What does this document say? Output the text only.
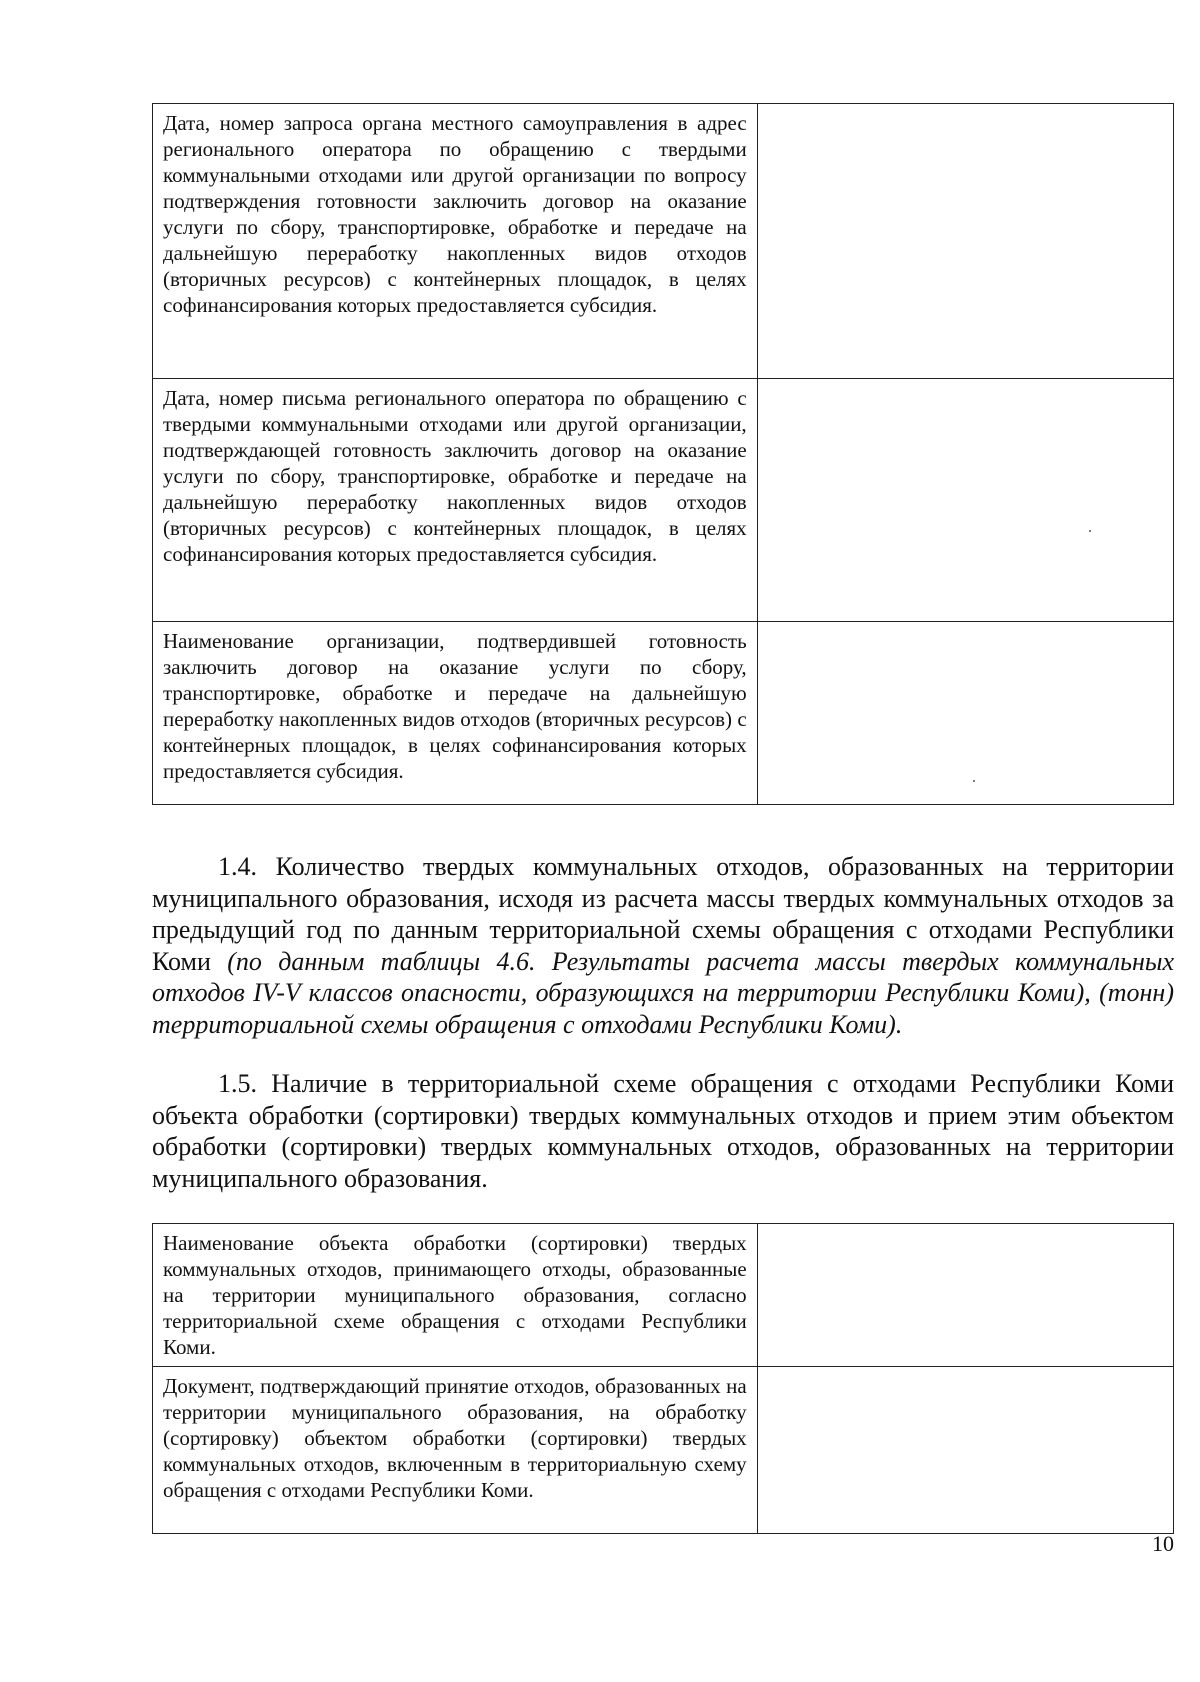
Дата, номер запроса органа местного самоуправления в адрес регионального оператора по обращению с твердыми коммунальными отходами или другой организации по вопросу подтверждения готовности заключить договор на оказание услуги по сбору, транспортировке, обработке и передаче на дальнейшую переработку накопленных видов отходов (вторичных ресурсов) с контейнерных площадок, в целях софинансирования которых предоставляется субсидия.	
Дата, номер письма регионального оператора по обращению с твердыми коммунальными отходами или другой организации, подтверждающей готовность заключить договор на оказание услуги по сбору, транспортировке, обработке и передаче на дальнейшую переработку накопленных видов отходов (вторичных ресурсов) с контейнерных площадок, в целях софинансирования которых предоставляется субсидия.	
Наименование организации, подтвердившей готовность заключить договор на оказание услуги по сбору, транспортировке, обработке и передаче на дальнейшую переработку накопленных видов отходов (вторичных ресурсов) с контейнерных площадок, в целях софинансирования которых предоставляется субсидия.	
1.4. Количество твердых коммунальных отходов, образованных на территории муниципального образования, исходя из расчета массы твердых коммунальных отходов за предыдущий год по данным территориальной схемы обращения с отходами Республики Коми (по данным таблицы 4.6. Результаты расчета массы твердых коммунальных отходов IV-V классов опасности, образующихся на территории Республики Коми), (тонн) территориальной схемы обращения с отходами Республики Коми).
1.5. Наличие в территориальной схеме обращения с отходами Республики Коми объекта обработки (сортировки) твердых коммунальных отходов и прием этим объектом обработки (сортировки) твердых коммунальных отходов, образованных на территории муниципального образования.
Наименование объекта обработки (сортировки) твердых коммунальных отходов, принимающего отходы, образованные на территории муниципального образования, согласно территориальной схеме обращения с отходами Республики Коми.	
Документ, подтверждающий принятие отходов, образованных на территории муниципального образования, на обработку (сортировку) объектом обработки (сортировки) твердых коммунальных отходов, включенным в территориальную схему обращения с отходами Республики Коми.	
10
